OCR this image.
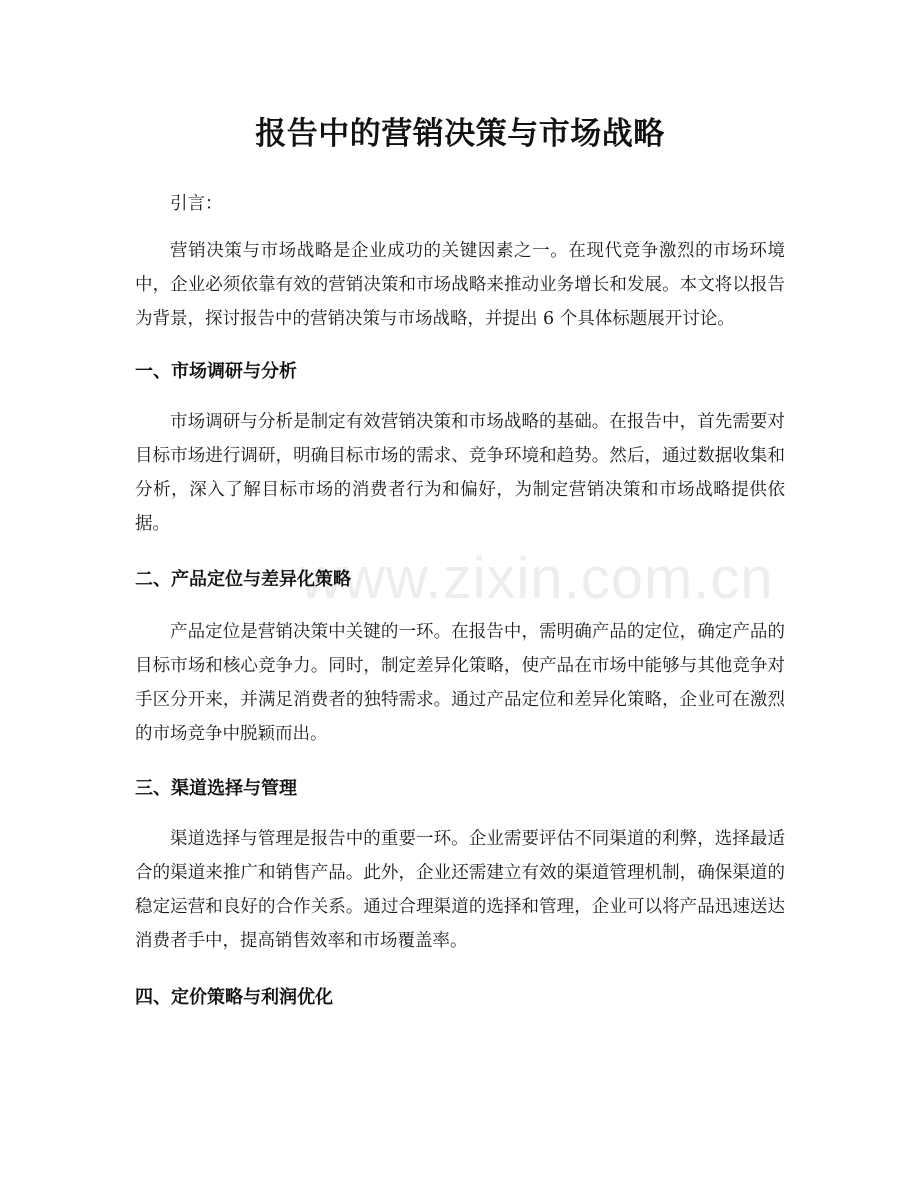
报告中的营销决策与市场战略

引言：

营销决策与市场战略是企业成功的关键因素之一。在现代竞争激烈的市场环境中，企业必须依靠有效的营销决策和市场战略来推动业务增长和发展。本文将以报告为背景，探讨报告中的营销决策与市场战略，并提出 6 个具体标题展开讨论。

一、市场调研与分析

市场调研与分析是制定有效营销决策和市场战略的基础。在报告中，首先需要对目标市场进行调研，明确目标市场的需求、竞争环境和趋势。然后，通过数据收集和分析，深入了解目标市场的消费者行为和偏好，为制定营销决策和市场战略提供依据。

二、产品定位与差异化策略

产品定位是营销决策中关键的一环。在报告中，需明确产品的定位，确定产品的目标市场和核心竞争力。同时，制定差异化策略，使产品在市场中能够与其他竞争对手区分开来，并满足消费者的独特需求。通过产品定位和差异化策略，企业可在激烈的市场竞争中脱颖而出。

三、渠道选择与管理

渠道选择与管理是报告中的重要一环。企业需要评估不同渠道的利弊，选择最适合的渠道来推广和销售产品。此外，企业还需建立有效的渠道管理机制，确保渠道的稳定运营和良好的合作关系。通过合理渠道的选择和管理，企业可以将产品迅速送达消费者手中，提高销售效率和市场覆盖率。

四、定价策略与利润优化
www.zixin.com.cn
